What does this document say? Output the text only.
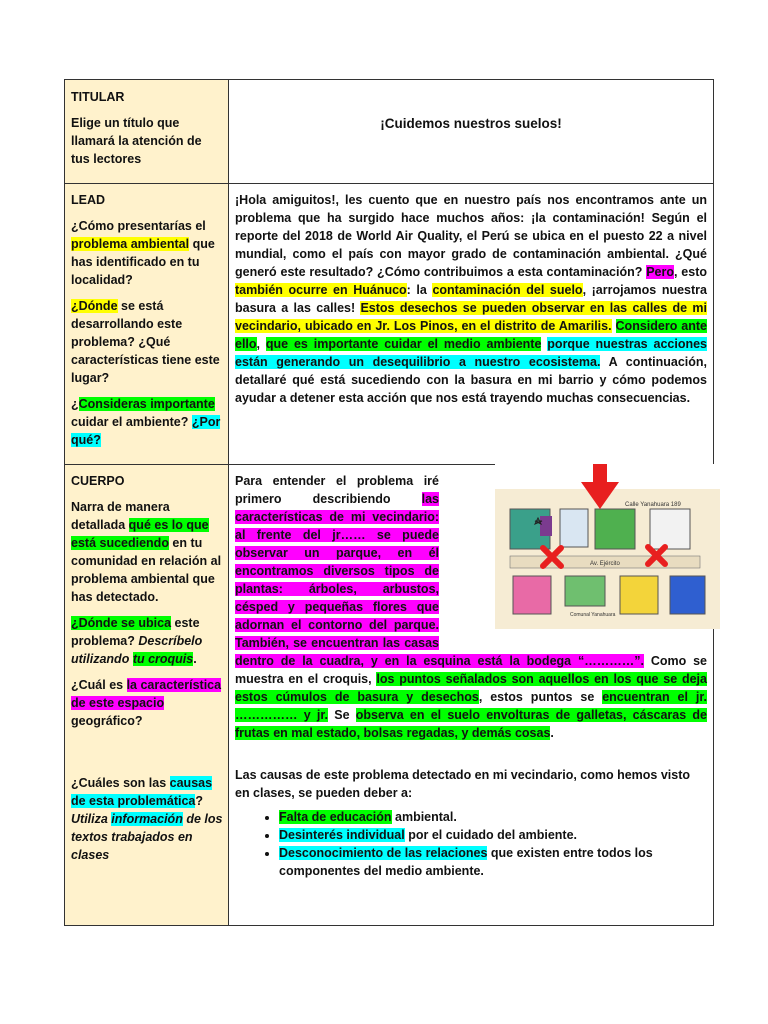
TITULAR

Elige un título que llamará la atención de tus lectores

¡Cuidemos nuestros suelos!

LEAD

¿Cómo presentarías el problema ambiental que has identificado en tu localidad?

¿Dónde se está desarrollando este problema? ¿Qué características tiene este lugar?

¿Consideras importante cuidar el ambiente? ¿Por qué?

¡Hola amiguitos!, les cuento que en nuestro país nos encontramos ante un problema que ha surgido hace muchos años: ¡la contaminación! Según el reporte del 2018 de World Air Quality, el Perú se ubica en el puesto 22 a nivel mundial, como el país con mayor grado de contaminación ambiental. ¿Qué generó este resultado? ¿Cómo contribuimos a esta contaminación? Pero, esto también ocurre en Huánuco: la contaminación del suelo, ¡arrojamos nuestra basura a las calles! Estos desechos se pueden observar en las calles de mi vecindario, ubicado en Jr. Los Pinos, en el distrito de Amarilis. Considero ante ello, que es importante cuidar el medio ambiente porque nuestras acciones están generando un desequilibrio a nuestro ecosistema. A continuación, detallaré qué está sucediendo con la basura en mi barrio y cómo podemos ayudar a detener esta acción que nos está trayendo muchas consecuencias.

CUERPO

Narra de manera detallada qué es lo que está sucediendo en tu comunidad en relación al problema ambiental que has detectado.

¿Dónde se ubica este problema? Descríbelo utilizando tu croquis.

¿Cuál es la característica de este espacio geográfico?

¿Cuáles son las causas de esta problemática?
Utiliza información de los textos trabajados en clases

Para entender el problema iré primero describiendo las características de mi vecindario: al frente del jr…… se puede observar un parque, en él encontramos diversos tipos de plantas: árboles, arbustos, césped y pequeñas flores que adornan el contorno del parque. También, se encuentran las casas dentro de la cuadra, y en la esquina está la bodega “…………”. Como se muestra en el croquis, los puntos señalados son aquellos en los que se deja estos cúmulos de basura y desechos, estos puntos se encuentran el jr. …………… y jr. Se observa en el suelo envolturas de galletas, cáscaras de frutas en mal estado, bolsas regadas, y demás cosas.
Calle Yanahuara 189
Av. Ejército
Comunal Yanahuara

Las causas de este problema detectado en mi vecindario, como hemos visto en clases, se pueden deber a:

• Falta de educación ambiental.
• Desinterés individual por el cuidado del ambiente.
• Desconocimiento de las relaciones que existen entre todos los componentes del medio ambiente.
